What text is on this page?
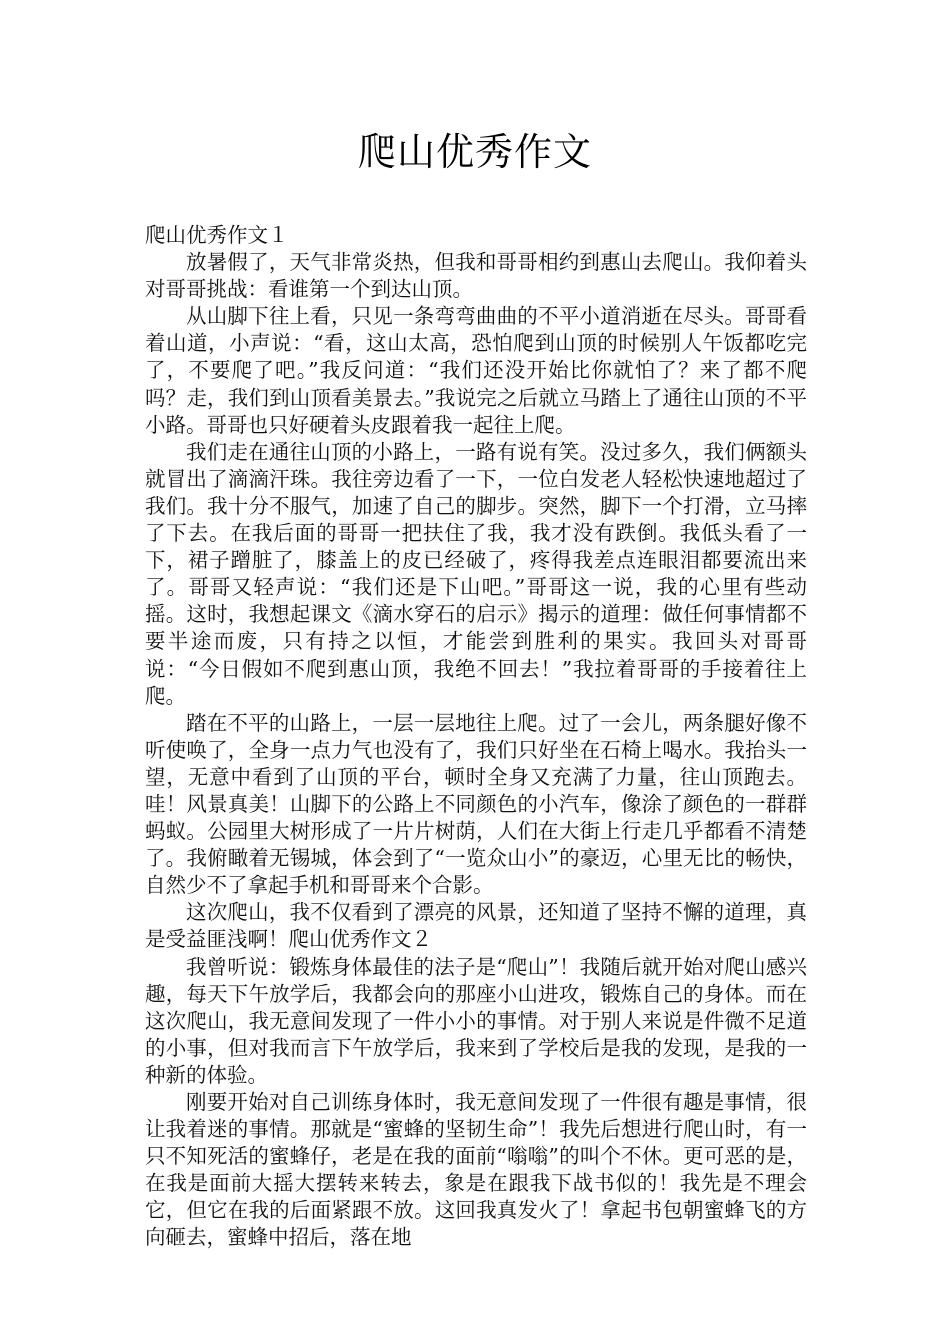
爬山优秀作文

爬山优秀作文１

放暑假了，天气非常炎热，但我和哥哥相约到惠山去爬山。我仰着头对哥哥挑战：看谁第一个到达山顶。

从山脚下往上看，只见一条弯弯曲曲的不平小道消逝在尽头。哥哥看着山道，小声说：“看，这山太高，恐怕爬到山顶的时候别人午饭都吃完了，不要爬了吧。”我反问道：“我们还没开始比你就怕了？来了都不爬吗？走，我们到山顶看美景去。”我说完之后就立马踏上了通往山顶的不平小路。哥哥也只好硬着头皮跟着我一起往上爬。

我们走在通往山顶的小路上，一路有说有笑。没过多久，我们俩额头就冒出了滴滴汗珠。我往旁边看了一下，一位白发老人轻松快速地超过了我们。我十分不服气，加速了自己的脚步。突然，脚下一个打滑，立马摔了下去。在我后面的哥哥一把扶住了我，我才没有跌倒。我低头看了一下，裙子蹭脏了，膝盖上的皮已经破了，疼得我差点连眼泪都要流出来了。哥哥又轻声说：“我们还是下山吧。”哥哥这一说，我的心里有些动摇。这时，我想起课文《滴水穿石的启示》揭示的道理：做任何事情都不要半途而废，只有持之以恒，才能尝到胜利的果实。我回头对哥哥说：“今日假如不爬到惠山顶，我绝不回去！”我拉着哥哥的手接着往上爬。

踏在不平的山路上，一层一层地往上爬。过了一会儿，两条腿好像不听使唤了，全身一点力气也没有了，我们只好坐在石椅上喝水。我抬头一望，无意中看到了山顶的平台，顿时全身又充满了力量，往山顶跑去。哇！风景真美！山脚下的公路上不同颜色的小汽车，像涂了颜色的一群群蚂蚁。公园里大树形成了一片片树荫，人们在大街上行走几乎都看不清楚了。我俯瞰着无锡城，体会到了“一览众山小”的豪迈，心里无比的畅快，自然少不了拿起手机和哥哥来个合影。

这次爬山，我不仅看到了漂亮的风景，还知道了坚持不懈的道理，真是受益匪浅啊！爬山优秀作文２

我曾听说：锻炼身体最佳的法子是“爬山”！我随后就开始对爬山感兴趣，每天下午放学后，我都会向的那座小山进攻，锻炼自己的身体。而在这次爬山，我无意间发现了一件小小的事情。对于别人来说是件微不足道的小事，但对我而言下午放学后，我来到了学校后是我的发现，是我的一种新的体验。

刚要开始对自己训练身体时，我无意间发现了一件很有趣是事情，很让我着迷的事情。那就是“蜜蜂的坚韧生命”！我先后想进行爬山时，有一只不知死活的蜜蜂仔，老是在我的面前“嗡嗡”的叫个不休。更可恶的是，在我是面前大摇大摆转来转去，象是在跟我下战书似的！我先是不理会它，但它在我的后面紧跟不放。这回我真发火了！拿起书包朝蜜蜂飞的方向砸去，蜜蜂中招后，落在地
